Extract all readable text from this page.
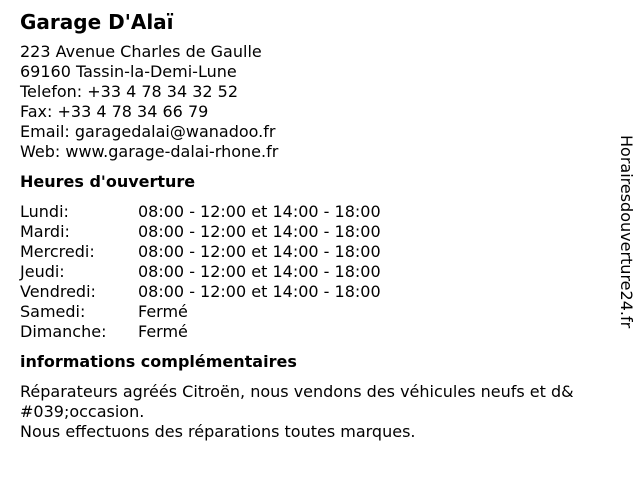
Garage D'Alaï
223 Avenue Charles de Gaulle
69160 Tassin-la-Demi-Lune
Telefon: +33 4 78 34 32 52
Fax: +33 4 78 34 66 79
Email: garagedalai@wanadoo.fr
Web: www.garage-dalai-rhone.fr
Heures d'ouverture
Lundi:	08:00 - 12:00 et 14:00 - 18:00
Mardi:	08:00 - 12:00 et 14:00 - 18:00
Mercredi:	08:00 - 12:00 et 14:00 - 18:00
Jeudi:	08:00 - 12:00 et 14:00 - 18:00
Vendredi:	08:00 - 12:00 et 14:00 - 18:00
Samedi:	Fermé
Dimanche: Fermé
informations complémentaires
Réparateurs agréés Citroën, nous vendons des véhicules neufs et d&
#039;occasion.
Nous effectuons des réparations toutes marques.
Horairesdouverture24.fr
